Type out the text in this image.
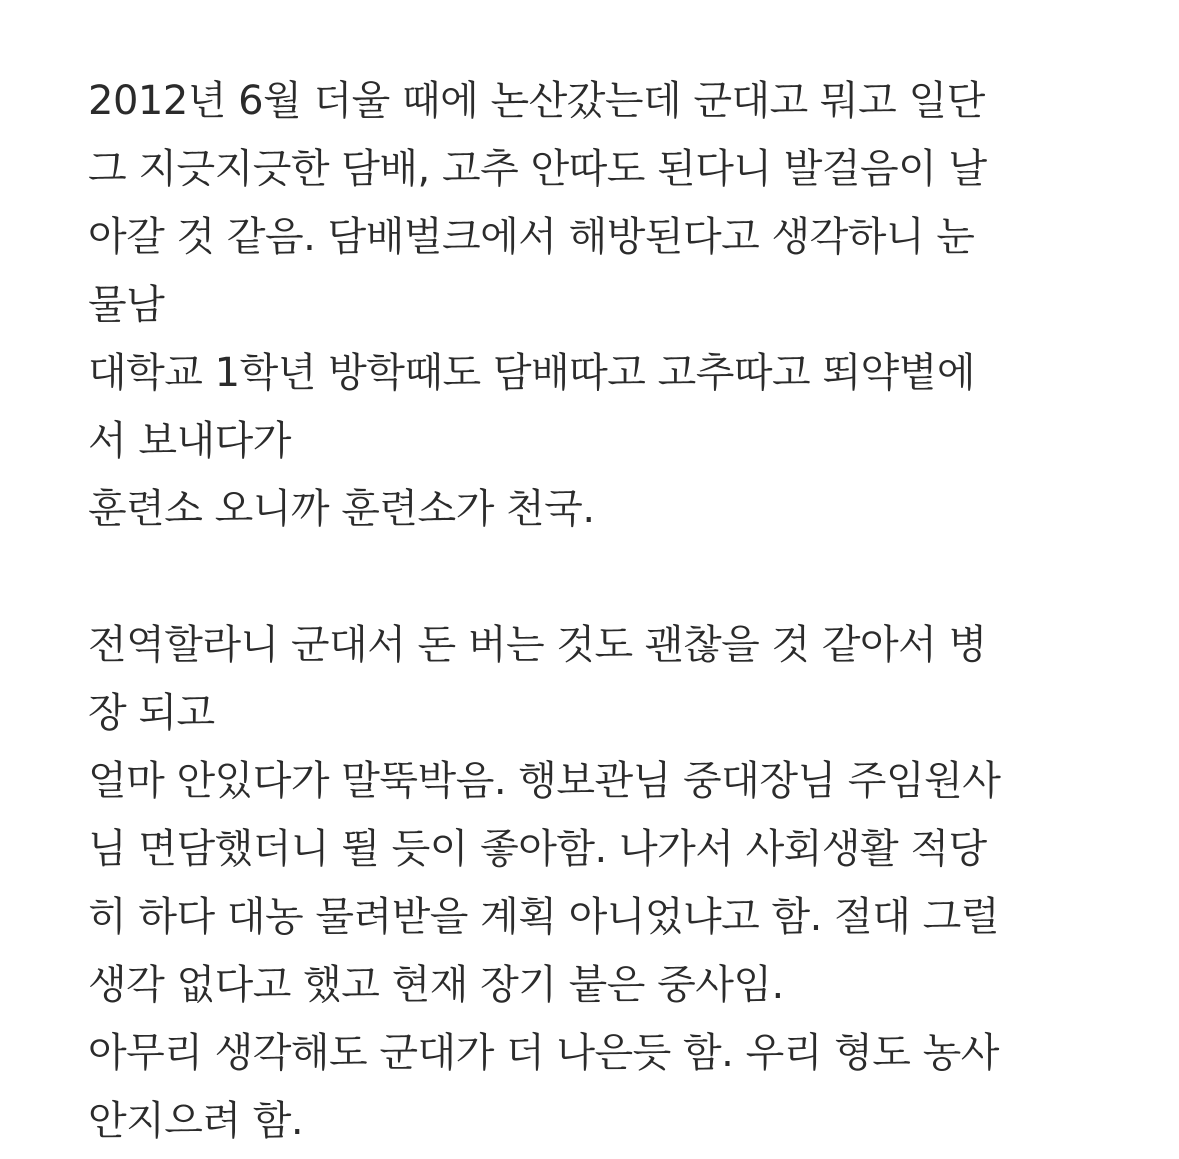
2012년 6월 더울 때에 논산갔는데 군대고 뭐고 일단
그 지긋지긋한 담배, 고추 안따도 된다니 발걸음이 날
아갈 것 같음. 담배벌크에서 해방된다고 생각하니 눈
물남
대학교 1학년 방학때도 담배따고 고추따고 뙤약볕에
서 보내다가
훈련소 오니까 훈련소가 천국.
전역할라니 군대서 돈 버는 것도 괜찮을 것 같아서 병
장 되고
얼마 안있다가 말뚝박음. 행보관님 중대장님 주임원사
님 면담했더니 뛸 듯이 좋아함. 나가서 사회생활 적당
히 하다 대농 물려받을 계획 아니었냐고 함. 절대 그럴
생각 없다고 했고 현재 장기 붙은 중사임.
아무리 생각해도 군대가 더 나은듯 함. 우리 형도 농사
안지으려 함.
